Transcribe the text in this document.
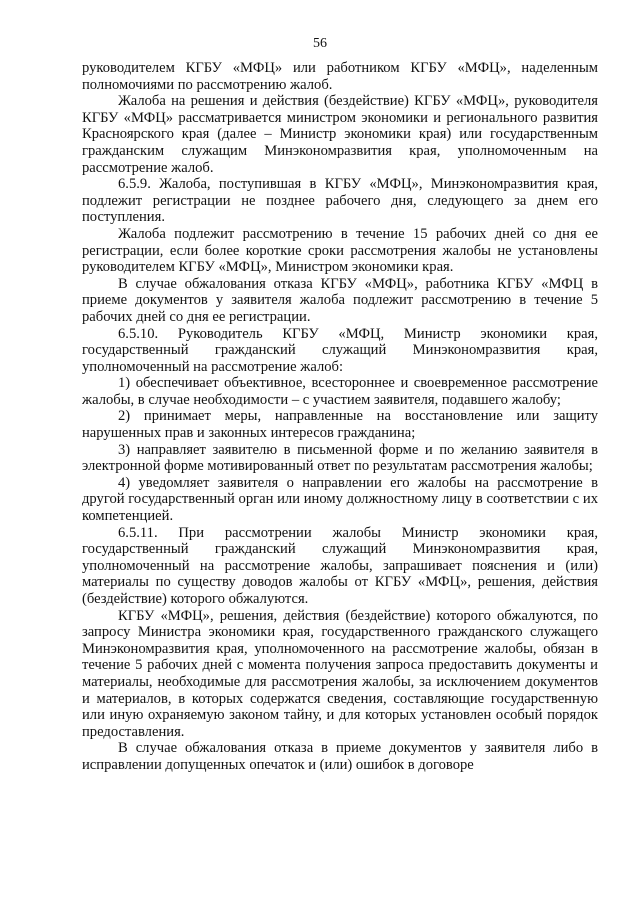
56

руководителем КГБУ «МФЦ» или работником КГБУ «МФЦ», наделенным полномочиями по рассмотрению жалоб.

Жалоба на решения и действия (бездействие) КГБУ «МФЦ», руководителя КГБУ «МФЦ» рассматривается министром экономики и регионального развития Красноярского края (далее – Министр экономики края) или государственным гражданским служащим Минэкономразвития края, уполномоченным на рассмотрение жалоб.

6.5.9. Жалоба, поступившая в КГБУ «МФЦ», Минэкономразвития края, подлежит регистрации не позднее рабочего дня, следующего за днем его поступления.

Жалоба подлежит рассмотрению в течение 15 рабочих дней со дня ее регистрации, если более короткие сроки рассмотрения жалобы не установлены руководителем КГБУ «МФЦ», Министром экономики края.

В случае обжалования отказа КГБУ «МФЦ», работника КГБУ «МФЦ в приеме документов у заявителя жалоба подлежит рассмотрению в течение 5 рабочих дней со дня ее регистрации.

6.5.10. Руководитель КГБУ «МФЦ, Министр экономики края, государственный гражданский служащий Минэкономразвития края, уполномоченный на рассмотрение жалоб:

1) обеспечивает объективное, всестороннее и своевременное рассмотрение жалобы, в случае необходимости – с участием заявителя, подавшего жалобу;

2) принимает меры, направленные на восстановление или защиту нарушенных прав и законных интересов гражданина;

3) направляет заявителю в письменной форме и по желанию заявителя в электронной форме мотивированный ответ по результатам рассмотрения жалобы;

4) уведомляет заявителя о направлении его жалобы на рассмотрение в другой государственный орган или иному должностному лицу в соответствии с их компетенцией.

6.5.11. При рассмотрении жалобы Министр экономики края, государственный гражданский служащий Минэкономразвития края, уполномоченный на рассмотрение жалобы, запрашивает пояснения и (или) материалы по существу доводов жалобы от КГБУ «МФЦ», решения, действия (бездействие) которого обжалуются.

КГБУ «МФЦ», решения, действия (бездействие) которого обжалуются, по запросу Министра экономики края, государственного гражданского служащего Минэкономразвития края, уполномоченного на рассмотрение жалобы, обязан в течение 5 рабочих дней с момента получения запроса предоставить документы и материалы, необходимые для рассмотрения жалобы, за исключением документов и материалов, в которых содержатся сведения, составляющие государственную или иную охраняемую законом тайну, и для которых установлен особый порядок предоставления.

В случае обжалования отказа в приеме документов у заявителя либо в исправлении допущенных опечаток и (или) ошибок в договоре
